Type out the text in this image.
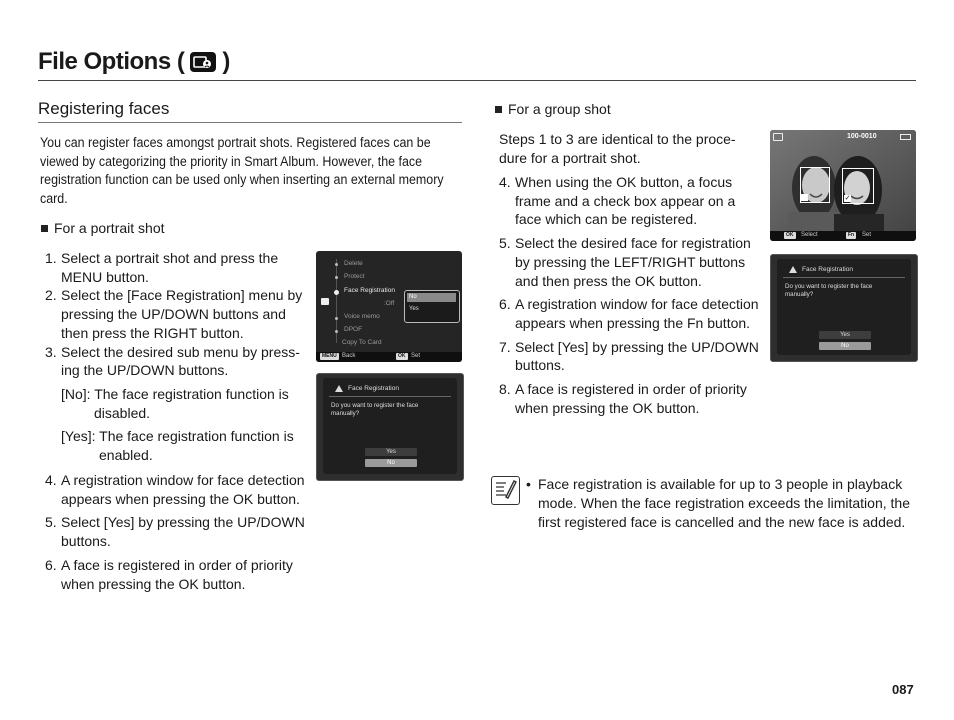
File Options ( )
Registering faces
You can register faces amongst portrait shots. Registered faces can be viewed by categorizing the priority in Smart Album. However, the face registration function can be used only when inserting an external memory card.
For a portrait shot
1. Select a portrait shot and press the MENU button.
2. Select the [Face Registration] menu by pressing the UP/DOWN buttons and then press the RIGHT button.
3. Select the desired sub menu by press- ing the UP/DOWN buttons.
[No]: The face registration function is disabled.
[Yes]: The face registration function is enabled.
4. A registration window for face detection appears when pressing the OK button.
5. Select [Yes] by pressing the UP/DOWN buttons.
6. A face is registered in order of priority when pressing the OK button.
Delete
Protect
Face Registration
:Off
Voice memo
DPOF
Copy To Card
No
Yes
MENU Back	OK Set
Face Registration
Do you want to register the face manually?
Yes
No
For a group shot
Steps 1 to 3 are identical to the proce- dure for a portrait shot.
4. When using the OK button, a focus frame and a check box appear on a face which can be registered.
5. Select the desired face for registration by pressing the LEFT/RIGHT buttons and then press the OK button.
6. A registration window for face detection appears when pressing the Fn button.
7. Select [Yes] by pressing the UP/DOWN buttons.
8. A face is registered in order of priority when pressing the OK button.
100-0010
✓
OK	Select	Fn	Set
Face Registration
Do you want to register the face manually?
Yes
No
• Face registration is available for up to 3 people in playback mode. When the face registration exceeds the limitation, the first registered face is cancelled and the new face is added.
087
